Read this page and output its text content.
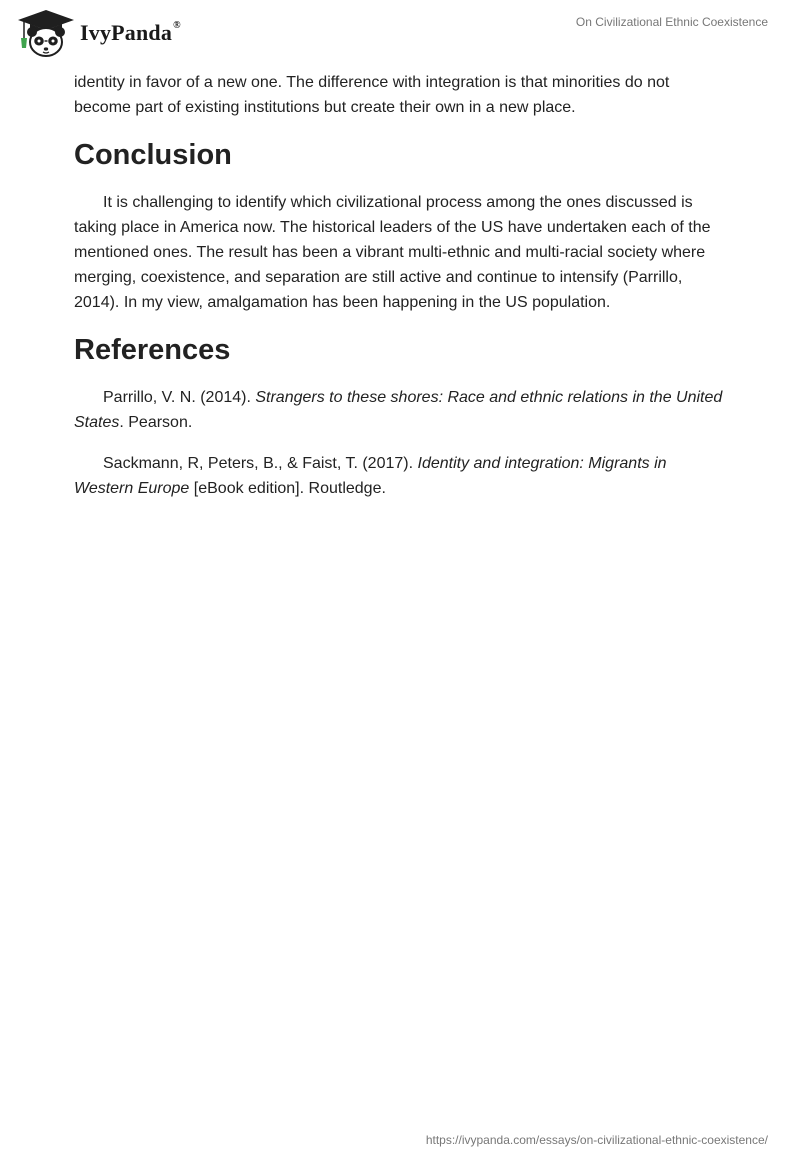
IvyPanda®	On Civilizational Ethnic Coexistence

identity in favor of a new one. The difference with integration is that minorities do not become part of existing institutions but create their own in a new place.

Conclusion

It is challenging to identify which civilizational process among the ones discussed is taking place in America now. The historical leaders of the US have undertaken each of the mentioned ones. The result has been a vibrant multi-ethnic and multi-racial society where merging, coexistence, and separation are still active and continue to intensify (Parrillo, 2014). In my view, amalgamation has been happening in the US population.

References

Parrillo, V. N. (2014). Strangers to these shores: Race and ethnic relations in the United States. Pearson.

Sackmann, R, Peters, B., & Faist, T. (2017). Identity and integration: Migrants in Western Europe [eBook edition]. Routledge.

https://ivypanda.com/essays/on-civilizational-ethnic-coexistence/
